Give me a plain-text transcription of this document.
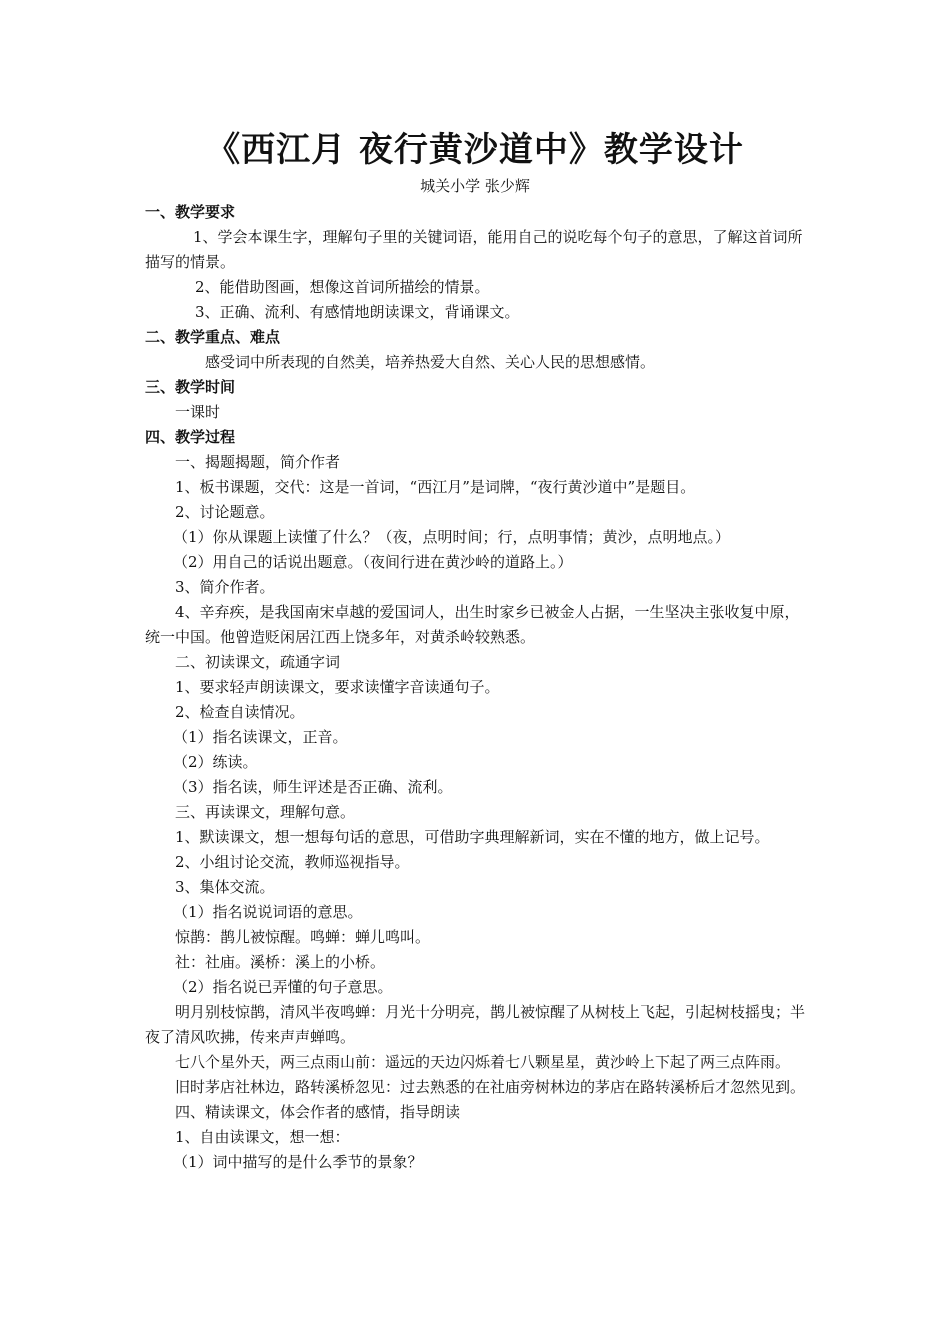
《西江月 夜行黄沙道中》教学设计
城关小学 张少辉
一、教学要求
1、学会本课生字，理解句子里的关键词语，能用自己的说吃每个句子的意思，了解这首词所描写的情景。
2、能借助图画，想像这首词所描绘的情景。
3、正确、流利、有感情地朗读课文，背诵课文。
二、教学重点、难点
感受词中所表现的自然美，培养热爱大自然、关心人民的思想感情。
三、教学时间
一课时
四、教学过程
一、揭题揭题，简介作者
1、板书课题，交代：这是一首词，“西江月”是词牌，“夜行黄沙道中”是题目。
2、讨论题意。
（1）你从课题上读懂了什么？（夜，点明时间；行，点明事情；黄沙，点明地点。）
（2）用自己的话说出题意。（夜间行进在黄沙岭的道路上。）
3、简介作者。
4、辛弃疾，是我国南宋卓越的爱国词人，出生时家乡已被金人占据，一生坚决主张收复中原，统一中国。他曾造贬闲居江西上饶多年，对黄杀岭较熟悉。
二、初读课文，疏通字词
1、要求轻声朗读课文，要求读懂字音读通句子。
2、检查自读情况。
（1）指名读课文，正音。
（2）练读。
（3）指名读，师生评述是否正确、流利。
三、再读课文，理解句意。
1、默读课文，想一想每句话的意思，可借助字典理解新词，实在不懂的地方，做上记号。
2、小组讨论交流，教师巡视指导。
3、集体交流。
（1）指名说说词语的意思。
惊鹊：鹊儿被惊醒。鸣蝉：蝉儿鸣叫。
社：社庙。溪桥：溪上的小桥。
（2）指名说已弄懂的句子意思。
明月别枝惊鹊，清风半夜鸣蝉：月光十分明亮，鹊儿被惊醒了从树枝上飞起，引起树枝摇曳；半夜了清风吹拂，传来声声蝉鸣。
七八个星外天，两三点雨山前：遥远的天边闪烁着七八颗星星，黄沙岭上下起了两三点阵雨。
旧时茅店社林边，路转溪桥忽见：过去熟悉的在社庙旁树林边的茅店在路转溪桥后才忽然见到。
四、精读课文，体会作者的感情，指导朗读
1、自由读课文，想一想：
（1）词中描写的是什么季节的景象？
